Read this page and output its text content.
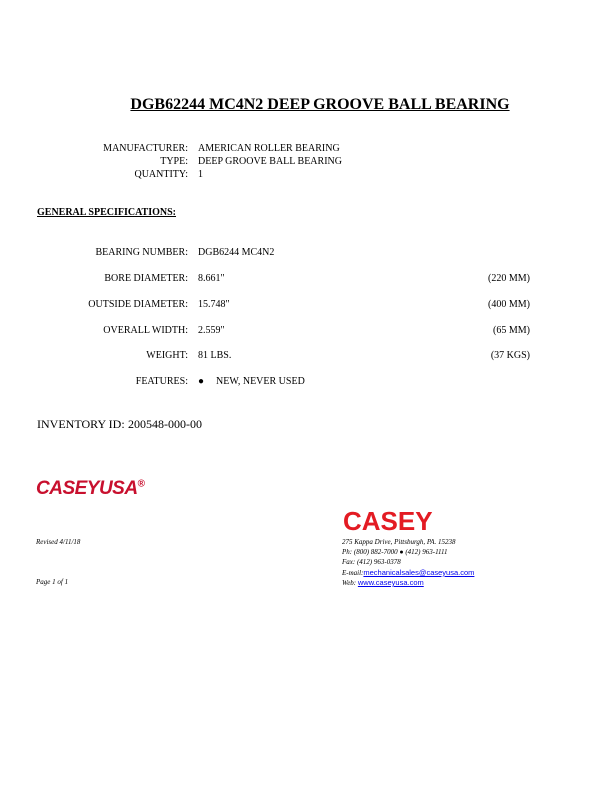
DGB62244 MC4N2 DEEP GROOVE BALL BEARING
MANUFACTURER: AMERICAN ROLLER BEARING
TYPE: DEEP GROOVE BALL BEARING
QUANTITY: 1
GENERAL SPECIFICATIONS:
BEARING NUMBER: DGB6244 MC4N2
BORE DIAMETER: 8.661"	(220 MM)
OUTSIDE DIAMETER: 15.748"	(400 MM)
OVERALL WIDTH: 2.559"	(65 MM)
WEIGHT: 81 LBS.	(37 KGS)
FEATURES: ● NEW, NEVER USED
INVENTORY ID: 200548-000-00
CASEYUSA®
CASEY
Revised 4/11/18
Page 1 of 1
275 Kappa Drive, Pittsburgh, PA. 15238
Ph: (800) 882-7000 ● (412) 963-1111
Fax: (412) 963-0378
E-mail:mechanicalsales@caseyusa.com
Web: www.caseyusa.com
